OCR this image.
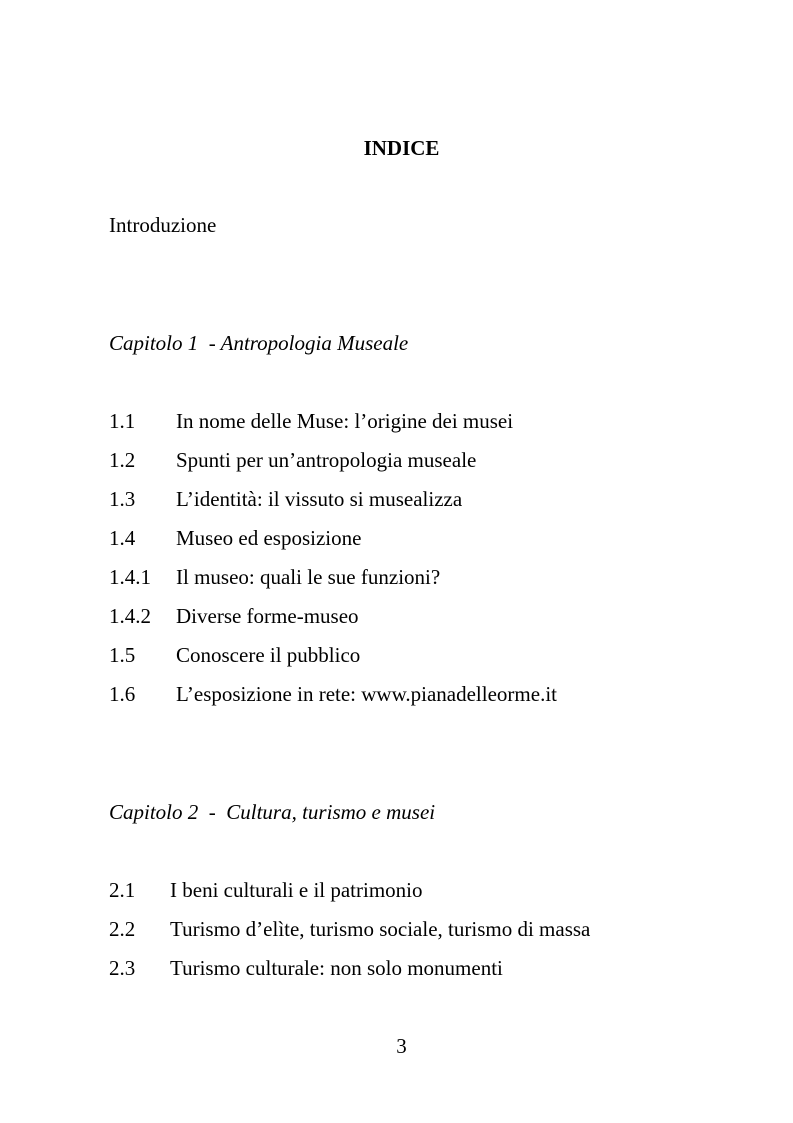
INDICE
Introduzione
Capitolo 1  - Antropologia Museale
1.1 In nome delle Muse: l’origine dei musei
1.2 Spunti per un’antropologia museale
1.3 L’identità: il vissuto si musealizza
1.4 Museo ed esposizione
1.4.1 Il museo: quali le sue funzioni?
1.4.2 Diverse forme-museo
1.5 Conoscere il pubblico
1.6 L’esposizione in rete: www.pianadelleorme.it
Capitolo 2  -  Cultura, turismo e musei
2.1 I beni culturali e il patrimonio
2.2 Turismo d’elìte, turismo sociale, turismo di massa
2.3 Turismo culturale: non solo monumenti
3
